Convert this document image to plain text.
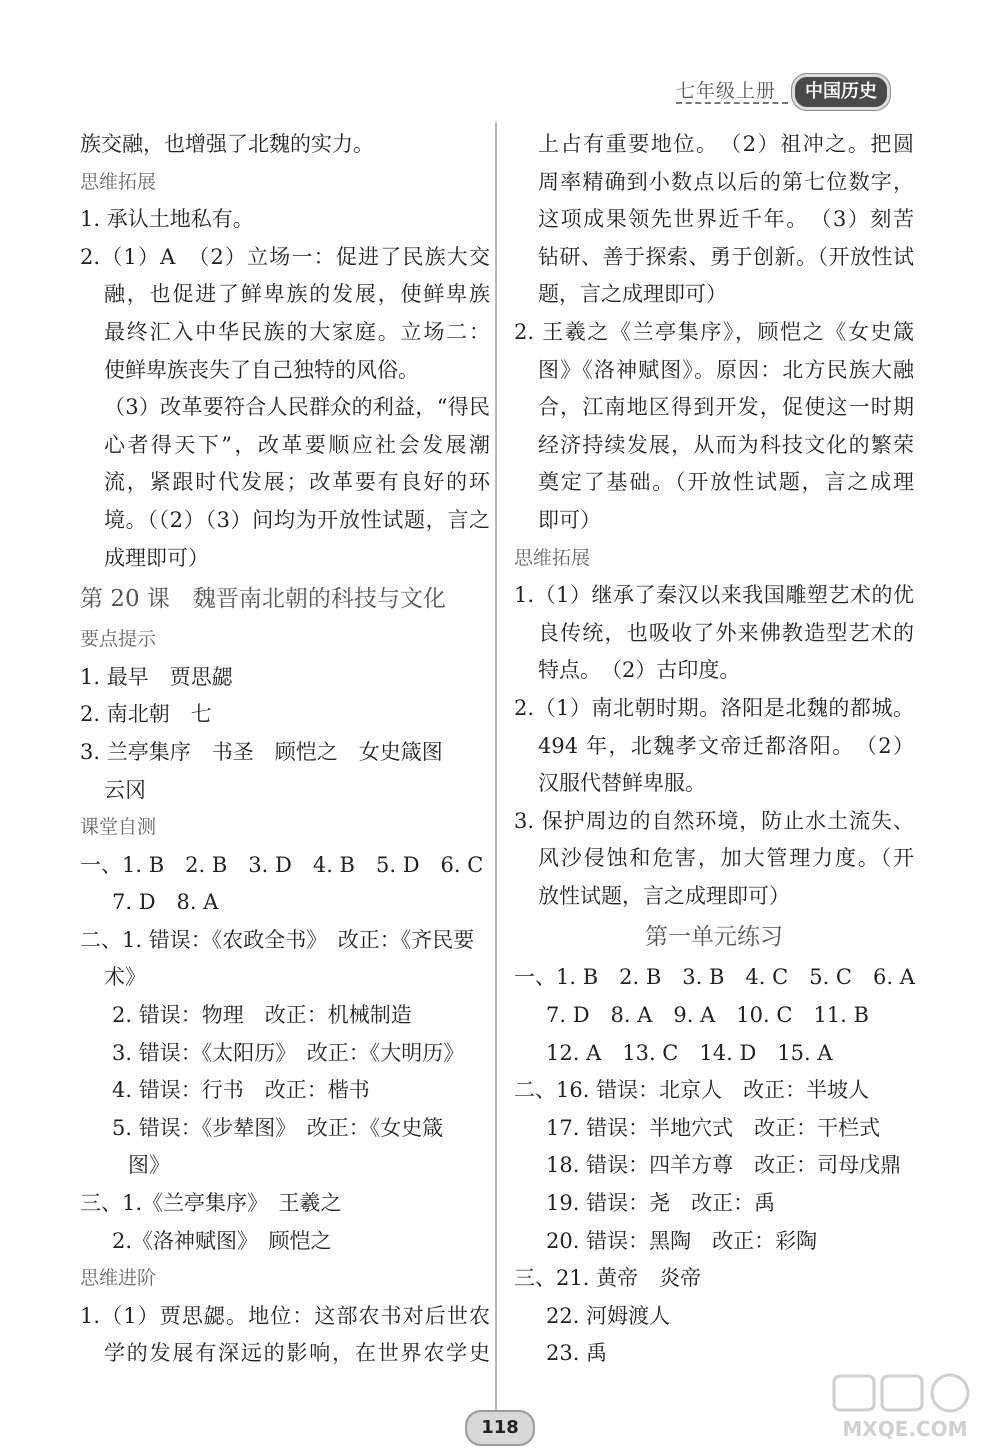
七年级上册	中国历史
族交融，也增强了北魏的实力。
思维拓展
1. 承认土地私有。
2.（1）A　（2）立场一：促进了民族大交
融，也促进了鲜卑族的发展，使鲜卑族
最终汇入中华民族的大家庭。立场二：
使鲜卑族丧失了自己独特的风俗。
（3）改革要符合人民群众的利益，“得民
心者得天下”，改革要顺应社会发展潮
流，紧跟时代发展；改革要有良好的环
境。（（2）（3）问均为开放性试题，言之
成理即可）
第 20 课　魏晋南北朝的科技与文化
要点提示
1. 最早　贾思勰
2. 南北朝　七
3. 兰亭集序　书圣　顾恺之　女史箴图
云冈
课堂自测
一、1. B　2. B　3. D　4. B　5. D　6. C
7. D　8. A
二、1. 错误：《农政全书》　改正：《齐民要
术》
2. 错误：物理　改正：机械制造
3. 错误：《太阳历》　改正：《大明历》
4. 错误：行书　改正：楷书
5. 错误：《步辇图》　改正：《女史箴
图》
三、1.《兰亭集序》　王羲之
2.《洛神赋图》　顾恺之
思维进阶
1.（1）贾思勰。地位：这部农书对后世农
学的发展有深远的影响，在世界农学史
上占有重要地位。　（2）祖冲之。把圆
周率精确到小数点以后的第七位数字，
这项成果领先世界近千年。　（3）刻苦
钻研、善于探索、勇于创新。（开放性试
题，言之成理即可）
2. 王羲之《兰亭集序》，顾恺之《女史箴
图》《洛神赋图》。原因：北方民族大融
合，江南地区得到开发，促使这一时期
经济持续发展，从而为科技文化的繁荣
奠定了基础。（开放性试题，言之成理
即可）
思维拓展
1.（1）继承了秦汉以来我国雕塑艺术的优
良传统，也吸收了外来佛教造型艺术的
特点。　（2）古印度。
2.（1）南北朝时期。洛阳是北魏的都城。
494 年，北魏孝文帝迁都洛阳。　（2）
汉服代替鲜卑服。
3. 保护周边的自然环境，防止水土流失、
风沙侵蚀和危害，加大管理力度。（开
放性试题，言之成理即可）
第一单元练习
一、1. B　2. B　3. B　4. C　5. C　6. A
7. D　8. A　9. A　10. C　11. B
12. A　13. C　14. D　15. A
二、16. 错误：北京人　改正：半坡人
17. 错误：半地穴式　改正：干栏式
18. 错误：四羊方尊　改正：司母戊鼎
19. 错误：尧　改正：禹
20. 错误：黑陶　改正：彩陶
三、21. 黄帝　炎帝
22. 河姆渡人
23. 禹
118	MXQE.COM
